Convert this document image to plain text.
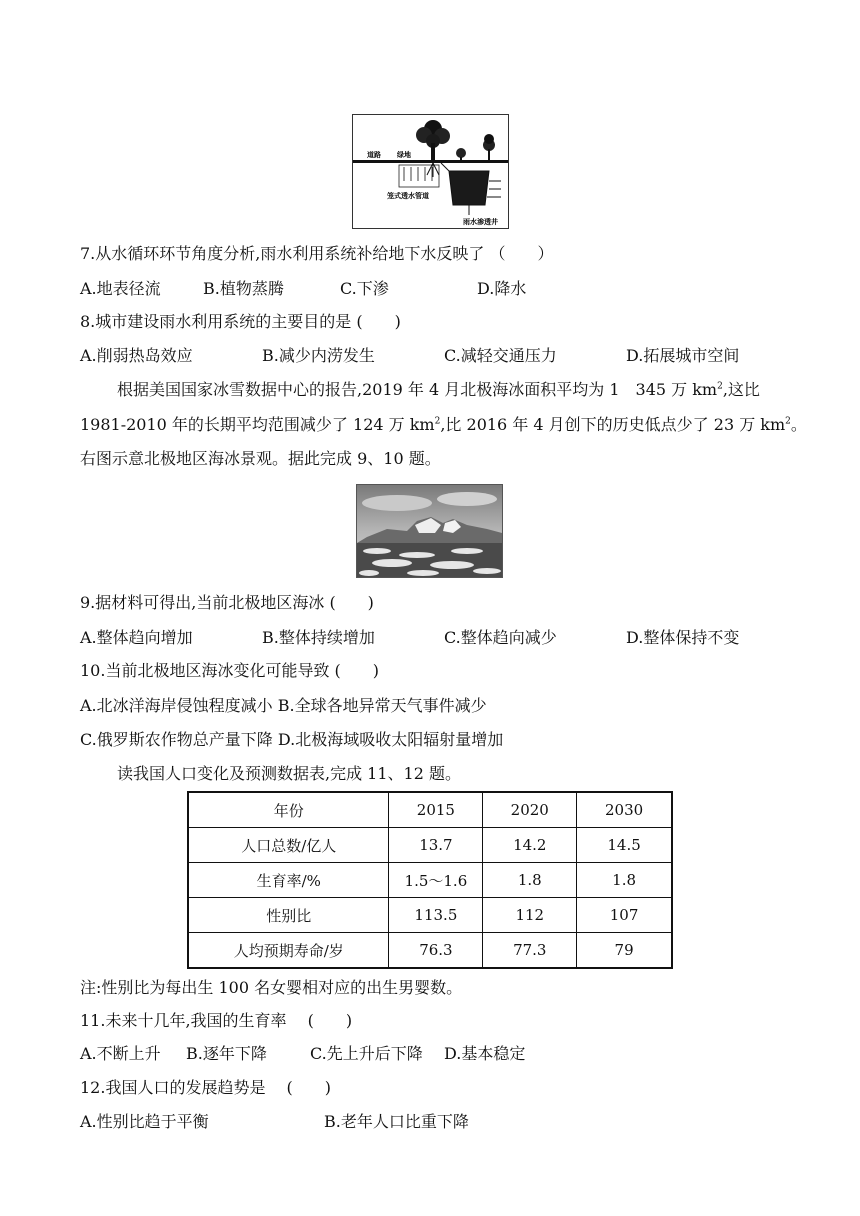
道路 绿地
笼式透水管道
雨水渗透井
7.从水循环环节角度分析,雨水利用系统补给地下水反映了 （　　）
A.地表径流	B.植物蒸腾	C.下渗	D.降水
8.城市建设雨水利用系统的主要目的是 (　　)
A.削弱热岛效应	B.减少内涝发生	C.减轻交通压力	D.拓展城市空间
根据美国国家冰雪数据中心的报告,2019 年 4 月北极海冰面积平均为 1　345 万 $km^2$,这比
1981-2010 年的长期平均范围减少了 124 万 $km^2$,比 2016 年 4 月创下的历史低点少了 23 万 $km^2$。
右图示意北极地区海冰景观。据此完成 9、10 题。
9.据材料可得出,当前北极地区海冰 (　　)
A.整体趋向增加	B.整体持续增加	C.整体趋向减少	D.整体保持不变
10.当前北极地区海冰变化可能导致 (　　)
A.北冰洋海岸侵蚀程度减小 B.全球各地异常天气事件减少
C.俄罗斯农作物总产量下降 D.北极海域吸收太阳辐射量增加
读我国人口变化及预测数据表,完成 11、12 题。
年份	2015	2020	2030
人口总数/亿人	13.7	14.2	14.5
生育率/%	1.5～1.6	1.8	1.8
性别比	113.5	112	107
人均预期寿命/岁	76.3	77.3	79
注:性别比为每出生 100 名女婴相对应的出生男婴数。
11.未来十几年,我国的生育率 　(　　)
A.不断上升 B.逐年下降	C.先上升后下降 D.基本稳定
12.我国人口的发展趋势是 　(　　)
A.性别比趋于平衡	B.老年人口比重下降
